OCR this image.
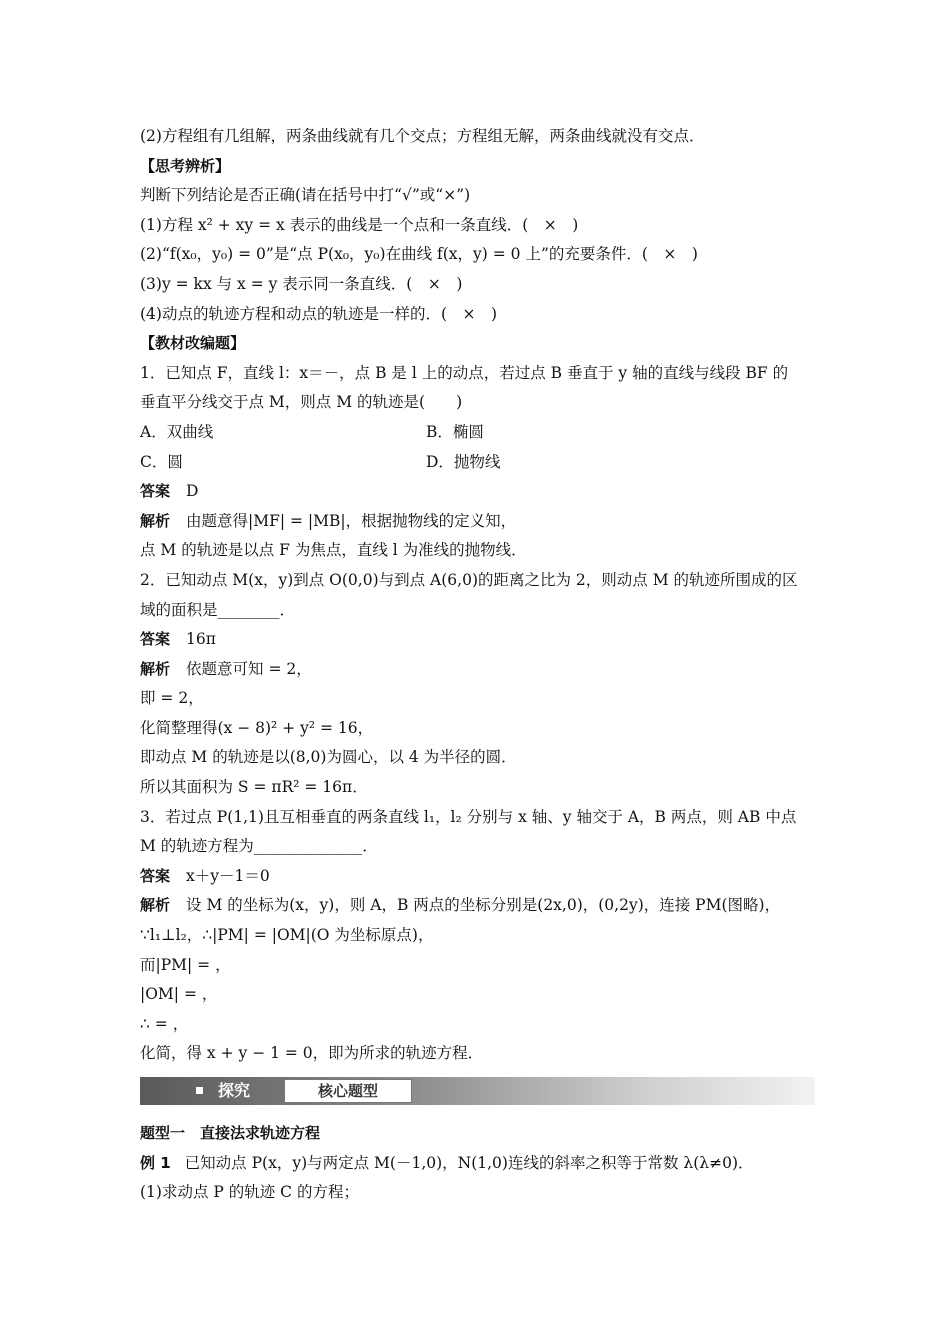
(2)方程组有几组解，两条曲线就有几个交点；方程组无解，两条曲线就没有交点．
【思考辨析】
判断下列结论是否正确(请在括号中打“√”或“×”)
(1)方程 x² + xy = x 表示的曲线是一个点和一条直线．(　×　)
(2)“f(x₀，y₀) = 0”是“点 P(x₀，y₀)在曲线 f(x，y) = 0 上”的充要条件．(　×　)
(3)y = kx 与 x = y 表示同一条直线．(　×　)
(4)动点的轨迹方程和动点的轨迹是一样的．(　×　)
【教材改编题】
1．已知点 F，直线 l：x＝－，点 B 是 l 上的动点，若过点 B 垂直于 y 轴的直线与线段 BF 的
垂直平分线交于点 M，则点 M 的轨迹是(　　)
A．双曲线	B．椭圆
C．圆	D．抛物线
答案 D
解析 由题意得|MF| = |MB|，根据抛物线的定义知，
点 M 的轨迹是以点 F 为焦点，直线 l 为准线的抛物线．
2．已知动点 M(x，y)到点 O(0,0)与到点 A(6,0)的距离之比为 2，则动点 M 的轨迹所围成的区
域的面积是________．
答案 16π
解析 依题意可知 = 2，
即 = 2，
化简整理得(x − 8)² + y² = 16，
即动点 M 的轨迹是以(8,0)为圆心，以 4 为半径的圆．
所以其面积为 S = πR² = 16π．
3．若过点 P(1,1)且互相垂直的两条直线 l₁，l₂ 分别与 x 轴、y 轴交于 A，B 两点，则 AB 中点
M 的轨迹方程为______________．
答案 x＋y－1＝0
解析 设 M 的坐标为(x，y)，则 A，B 两点的坐标分别是(2x,0)，(0,2y)，连接 PM(图略)，
∵l₁⊥l₂，∴|PM| = |OM|(O 为坐标原点)，
而|PM| = ，
|OM| = ，
∴ = ，
化简，得 x + y − 1 = 0，即为所求的轨迹方程．
探究	核心题型
题型一　直接法求轨迹方程
例 1 已知动点 P(x，y)与两定点 M(－1,0)，N(1,0)连线的斜率之积等于常数 λ(λ≠0)．
(1)求动点 P 的轨迹 C 的方程；
